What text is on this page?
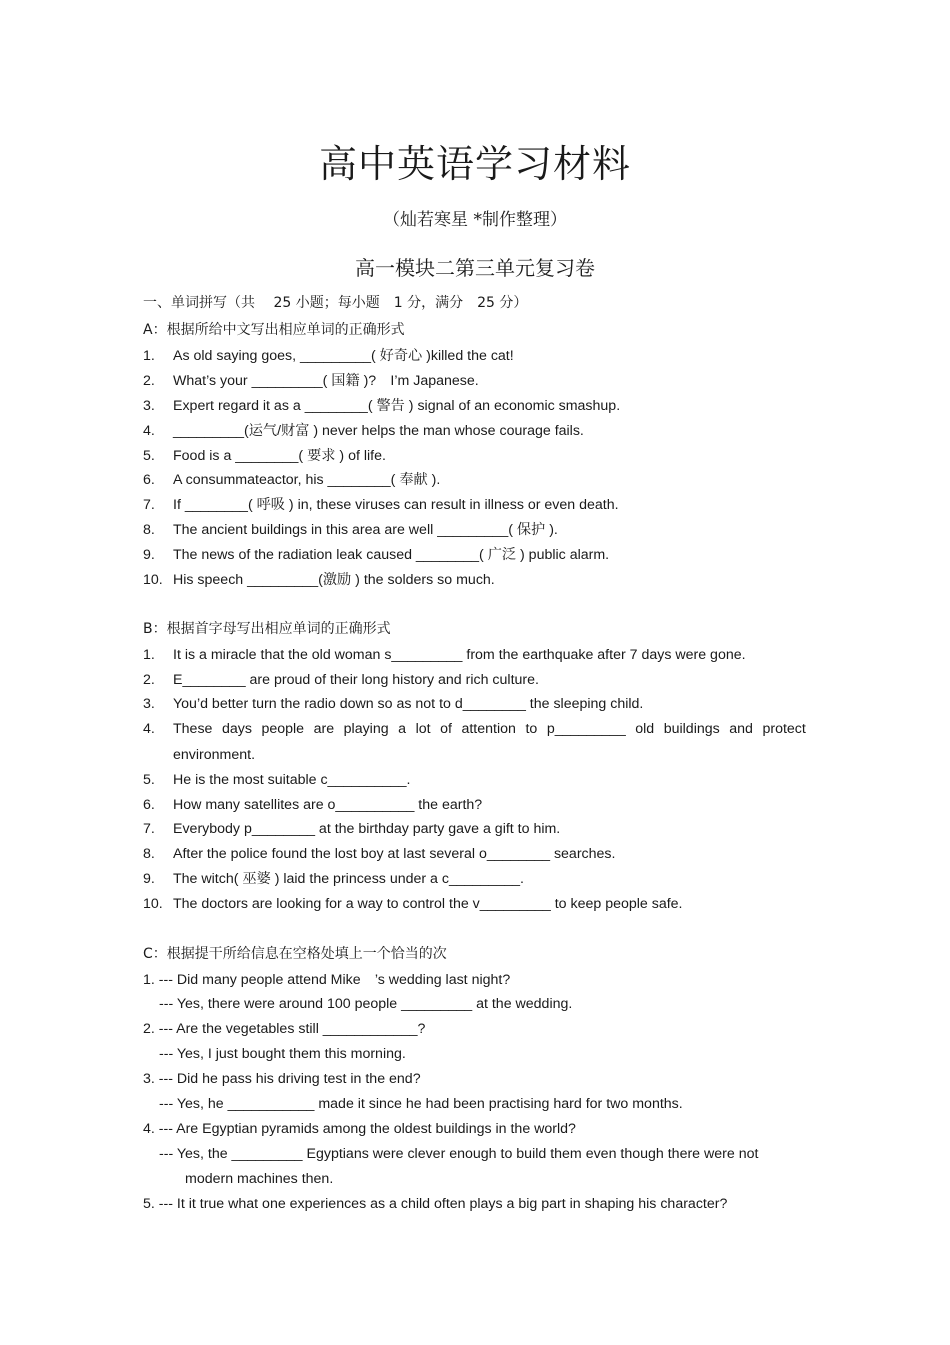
高中英语学习材料
（灿若寒星 *制作整理）
高一模块二第三单元复习卷
一、单词拼写（共　 25 小题；每小题　1 分，满分　25 分）
A：根据所给中文写出相应单词的正确形式
1. As old saying goes, _________( 好奇心 )killed the cat!
2. What’s your _________( 国籍 )?　I’m Japanese.
3. Expert regard it as a ________( 警告 ) signal of an economic smashup.
4. _________(运气/财富 ) never helps the man whose courage fails.
5. Food is a ________( 要求 ) of life.
6. A consummateactor, his ________( 奉献 ).
7. If ________( 呼吸 ) in, these viruses can result in illness or even death.
8. The ancient buildings in this area are well _________( 保护 ).
9. The news of the radiation leak caused ________( 广泛 ) public alarm.
10. His speech _________(激励 ) the solders so much.
B：根据首字母写出相应单词的正确形式
1. It is a miracle that the old woman s_________ from the earthquake after 7 days were gone.
2. E________ are proud of their long history and rich culture.
3. You’d better turn the radio down so as not to d________ the sleeping child.
4. These days people are playing a lot of attention to p_________ old buildings and protect
environment.
5. He is the most suitable c__________.
6. How many satellites are o__________ the earth?
7. Everybody p________ at the birthday party gave a gift to him.
8. After the police found the lost boy at last several o________ searches.
9. The witch( 巫婆 ) laid the princess under a c_________.
10. The doctors are looking for a way to control the v_________ to keep people safe.
C：根据提干所给信息在空格处填上一个恰当的次
1. --- Did many people attend Mike　’s wedding last night?
--- Yes, there were around 100 people _________ at the wedding.
2. --- Are the vegetables still ____________?
--- Yes, I just bought them this morning.
3. --- Did he pass his driving test in the end?
--- Yes, he ___________ made it since he had been practising hard for two months.
4. --- Are Egyptian pyramids among the oldest buildings in the world?
--- Yes, the _________ Egyptians were clever enough to build them even though there were not
modern machines then.
5. --- It it true what one experiences as a child often plays a big part in shaping his character?
